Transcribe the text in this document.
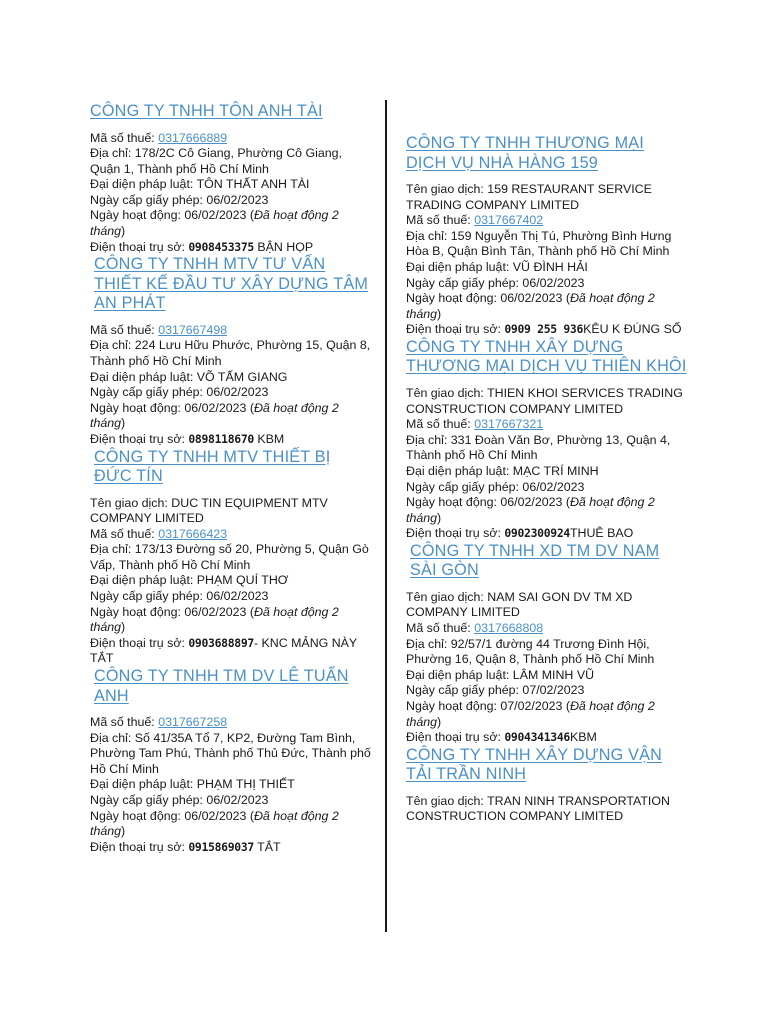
CÔNG TY TNHH TÔN ANH TÀI

Mã số thuế: 0317666889

Địa chỉ: 178/2C Cô Giang, Phường Cô Giang, Quận 1, Thành phố Hồ Chí Minh

Đại diện pháp luật: TÔN THẤT ANH TÀI

Ngày cấp giấy phép: 06/02/2023

Ngày hoạt động: 06/02/2023 (Đã hoạt động 2 tháng)

Điện thoại trụ sở: 0908453375 BẬN HỌP

CÔNG TY TNHH MTV TƯ VẤN THIẾT KẾ ĐẦU TƯ XÂY DỰNG TÂM AN PHÁT

Mã số thuế: 0317667498

Địa chỉ: 224 Lưu Hữu Phước, Phường 15, Quận 8, Thành phố Hồ Chí Minh

Đại diện pháp luật: VÕ TẤM GIANG

Ngày cấp giấy phép: 06/02/2023

Ngày hoạt động: 06/02/2023 (Đã hoạt động 2 tháng)

Điện thoại trụ sở: 0898118670 KBM

CÔNG TY TNHH MTV THIẾT BỊ ĐỨC TÍN

Tên giao dịch: DUC TIN EQUIPMENT MTV COMPANY LIMITED

Mã số thuế: 0317666423

Địa chỉ: 173/13 Đường số 20, Phường 5, Quận Gò Vấp, Thành phố Hồ Chí Minh

Đại diện pháp luật: PHẠM QUÍ THƠ

Ngày cấp giấy phép: 06/02/2023

Ngày hoạt động: 06/02/2023 (Đã hoạt động 2 tháng)

Điện thoại trụ sở: 0903688897- KNC MẢNG NÀY TẮT

CÔNG TY TNHH TM DV LÊ TUẤN ANH

Mã số thuế: 0317667258

Địa chỉ: Số 41/35A Tổ 7, KP2, Đường Tam Bình, Phường Tam Phú, Thành phố Thủ Đức, Thành phố Hồ Chí Minh

Đại diện pháp luật: PHẠM THỊ THIẾT

Ngày cấp giấy phép: 06/02/2023

Ngày hoạt động: 06/02/2023 (Đã hoạt động 2 tháng)

Điện thoại trụ sở: 0915869037 TẮT

CÔNG TY TNHH THƯƠNG MẠI DỊCH VỤ NHÀ HÀNG 159

Tên giao dịch: 159 RESTAURANT SERVICE TRADING COMPANY LIMITED

Mã số thuế: 0317667402

Địa chỉ: 159 Nguyễn Thị Tú, Phường Bình Hưng Hòa B, Quận Bình Tân, Thành phố Hồ Chí Minh

Đại diện pháp luật: VŨ ĐÌNH HẢI

Ngày cấp giấy phép: 06/02/2023

Ngày hoạt động: 06/02/2023 (Đã hoạt động 2 tháng)

Điện thoại trụ sở: 0909 255 936KÊU K ĐÚNG SỐ

CÔNG TY TNHH XÂY DỰNG THƯƠNG MẠI DỊCH VỤ THIÊN KHÔI

Tên giao dịch: THIEN KHOI SERVICES TRADING CONSTRUCTION COMPANY LIMITED

Mã số thuế: 0317667321

Địa chỉ: 331 Đoàn Văn Bơ, Phường 13, Quận 4, Thành phố Hồ Chí Minh

Đại diện pháp luật: MẠC TRÍ MINH

Ngày cấp giấy phép: 06/02/2023

Ngày hoạt động: 06/02/2023 (Đã hoạt động 2 tháng)

Điện thoại trụ sở: 0902300924THUÊ BAO

CÔNG TY TNHH XD TM DV NAM SÀI GÒN

Tên giao dịch: NAM SAI GON DV TM XD COMPANY LIMITED

Mã số thuế: 0317668808

Địa chỉ: 92/57/1 đường 44 Trương Đình Hội, Phường 16, Quận 8, Thành phố Hồ Chí Minh

Đại diện pháp luật: LÂM MINH VŨ

Ngày cấp giấy phép: 07/02/2023

Ngày hoạt động: 07/02/2023 (Đã hoạt động 2 tháng)

Điện thoại trụ sở: 0904341346KBM

CÔNG TY TNHH XÂY DỰNG VẬN TẢI TRẦN NINH

Tên giao dịch: TRAN NINH TRANSPORTATION CONSTRUCTION COMPANY LIMITED
